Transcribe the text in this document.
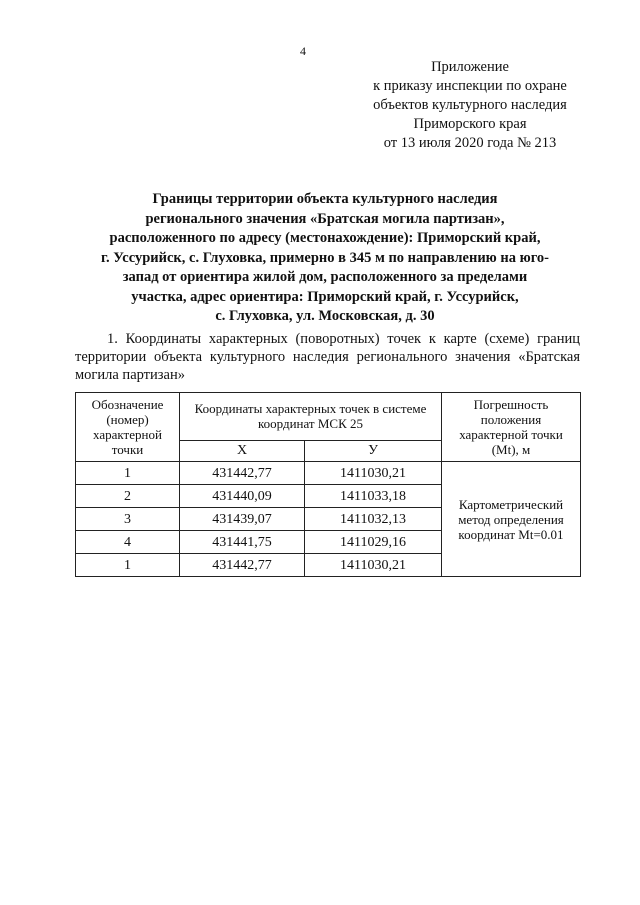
4
Приложение
к приказу инспекции по охране
объектов культурного наследия
Приморского края
от 13 июля 2020 года № 213
Границы территории объекта культурного наследия
регионального значения «Братская могила партизан»,
расположенного по адресу (местонахождение): Приморский край,
г. Уссурийск, с. Глуховка, примерно в 345 м по направлению на юго-
запад от ориентира жилой дом, расположенного за пределами
участка, адрес ориентира: Приморский край, г. Уссурийск,
с. Глуховка, ул. Московская, д. 30
1. Координаты характерных (поворотных) точек к карте (схеме) границ
территории объекта культурного наследия регионального значения «Братская
могила партизан»
Обозначение (номер) характерной точки	Координаты характерных точек в системе координат МСК 25		Погрешность положения характерной точки (Mt), м
	X	У	
1	431442,77	1411030,21	Картометрический метод определения координат Mt=0.01
2	431440,09	1411033,18	
3	431439,07	1411032,13	
4	431441,75	1411029,16	
1	431442,77	1411030,21	
